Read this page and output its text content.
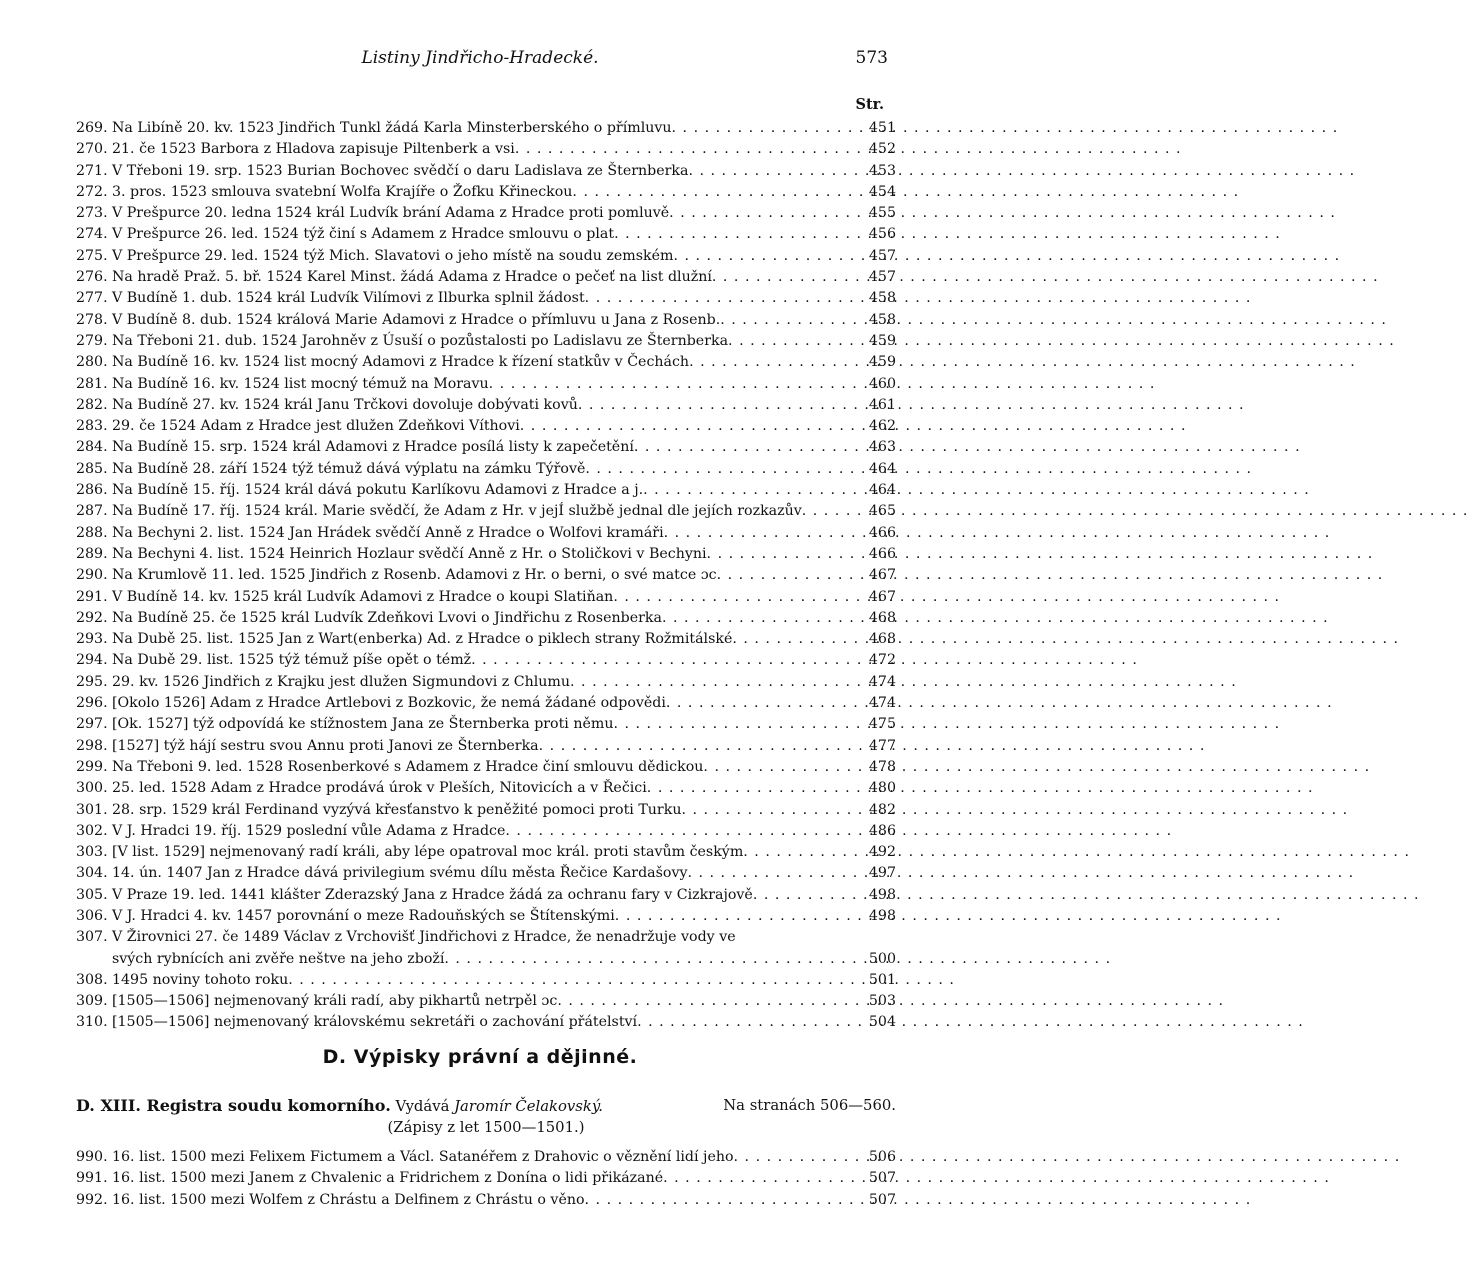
Listiny Jindřicho-Hradecké.	573
Str.
269. Na Libíně 20. kv. 1523 Jindřich Tunkl žádá Karla Minsterberského o přímluvu . . .	451
270. 21. če 1523 Barbora z Hladova zapisuje Piltenberk a vsi . . .	452
271. V Třeboni 19. srp. 1523 Burian Bochovec svědčí o daru Ladislava ze Šternberka . . .	453
272. 3. pros. 1523 smlouva svatební Wolfa Krajíře o Žofku Křineckou . . .	454
273. V Prešpurce 20. ledna 1524 král Ludvík brání Adama z Hradce proti pomluvě . . .	455
274. V Prešpurce 26. led. 1524 týž činí s Adamem z Hradce smlouvu o plat . . .	456
275. V Prešpurce 29. led. 1524 týž Mich. Slavatovi o jeho místě na soudu zemském . . .	457
276. Na hradě Praž. 5. bř. 1524 Karel Minst. žádá Adama z Hradce o pečeť na list dlužní . . .	457
277. V Budíně 1. dub. 1524 král Ludvík Vilímovi z Ilburka splnil žádost . . .	458
278. V Budíně 8. dub. 1524 králová Marie Adamovi z Hradce o přímluvu u Jana z Rosenb. . . .	458
279. Na Třeboni 21. dub. 1524 Jarohněv z Úsuší o pozůstalosti po Ladislavu ze Šternberka . . .	459
280. Na Budíně 16. kv. 1524 list mocný Adamovi z Hradce k řízení statkův v Čechách . . .	459
281. Na Budíně 16. kv. 1524 list mocný témuž na Moravu . . .	460
282. Na Budíně 27. kv. 1524 král Janu Trčkovi dovoluje dobývati kovů . . .	461
283. 29. če 1524 Adam z Hradce jest dlužen Zdeňkovi Víthovi . . .	462
284. Na Budíně 15. srp. 1524 král Adamovi z Hradce posílá listy k zapečetění . . .	463
285. Na Budíně 28. září 1524 týž témuž dává výplatu na zámku Týřově . . .	464
286. Na Budíně 15. říj. 1524 král dává pokutu Karlíkovu Adamovi z Hradce a j. . . .	464
287. Na Budíně 17. říj. 1524 král. Marie svědčí, že Adam z Hr. v jejÍ službě jednal dle jejích rozkazův . . .	465
288. Na Bechyni 2. list. 1524 Jan Hrádek svědčí Anně z Hradce o Wolfovi kramáři . . .	466
289. Na Bechyni 4. list. 1524 Heinrich Hozlaur svědčí Anně z Hr. o Stoličkovi v Bechyni . . .	466
290. Na Krumlově 11. led. 1525 Jindřich z Rosenb. Adamovi z Hr. o berni, o své matce ɔc . . .	467
291. V Budíně 14. kv. 1525 král Ludvík Adamovi z Hradce o koupi Slatiňan . . .	467
292. Na Budíně 25. če 1525 král Ludvík Zdeňkovi Lvovi o Jindřichu z Rosenberka . . .	468
293. Na Dubě 25. list. 1525 Jan z Wart(enberka) Ad. z Hradce o piklech strany Rožmitálské . . .	468
294. Na Dubě 29. list. 1525 týž témuž píše opět o témž . . .	472
295. 29. kv. 1526 Jindřich z Krajku jest dlužen Sigmundovi z Chlumu . . .	474
296. [Okolo 1526] Adam z Hradce Artlebovi z Bozkovic, že nemá žádané odpovědi . . .	474
297. [Ok. 1527] týž odpovídá ke stížnostem Jana ze Šternberka proti němu . . .	475
298. [1527] týž hájí sestru svou Annu proti Janovi ze Šternberka . . .	477
299. Na Třeboni 9. led. 1528 Rosenberkové s Adamem z Hradce činí smlouvu dědickou . . .	478
300. 25. led. 1528 Adam z Hradce prodává úrok v Pleších, Nitovicích a v Řečici . . .	480
301. 28. srp. 1529 král Ferdinand vyzývá křesťanstvo k peněžité pomoci proti Turku . . .	482
302. V J. Hradci 19. říj. 1529 poslední vůle Adama z Hradce . . .	486
303. [V list. 1529] nejmenovaný radí králi, aby lépe opatroval moc král. proti stavům českým . . .	492
304. 14. ún. 1407 Jan z Hradce dává privilegium svému dílu města Řečice Kardašovy . . .	497
305. V Praze 19. led. 1441 klášter Zderazský Jana z Hradce žádá za ochranu fary v Cizkrajově . . .	498
306. V J. Hradci 4. kv. 1457 porovnání o meze Radouňských se Štítenskými . . .	498
307. V Žirovnici 27. če 1489 Václav z Vrchovišť Jindřichovi z Hradce, že nenadržuje vody ve
svých rybnících ani zvěře neštve na jeho zboží . . .	500
308. 1495 noviny tohoto roku . . .	501
309. [1505—1506] nejmenovaný králi radí, aby pikhartů netrpěl ɔc . . .	503
310. [1505—1506] nejmenovaný královskému sekretáři o zachování přátelství . . .	504
D. Výpisky právní a dějinné.
D. XIII. Registra soudu komorního. Vydává Jaromír Čelakovský.	Na stranách 506—560.
(Zápisy z let 1500—1501.)
990. 16. list. 1500 mezi Felixem Fictumem a Václ. Satanéřem z Drahovic o věznění lidí jeho . . .	506
991. 16. list. 1500 mezi Janem z Chvalenic a Fridrichem z Donína o lidi přikázané . . .	507
992. 16. list. 1500 mezi Wolfem z Chrástu a Delfinem z Chrástu o věno . . .	507
